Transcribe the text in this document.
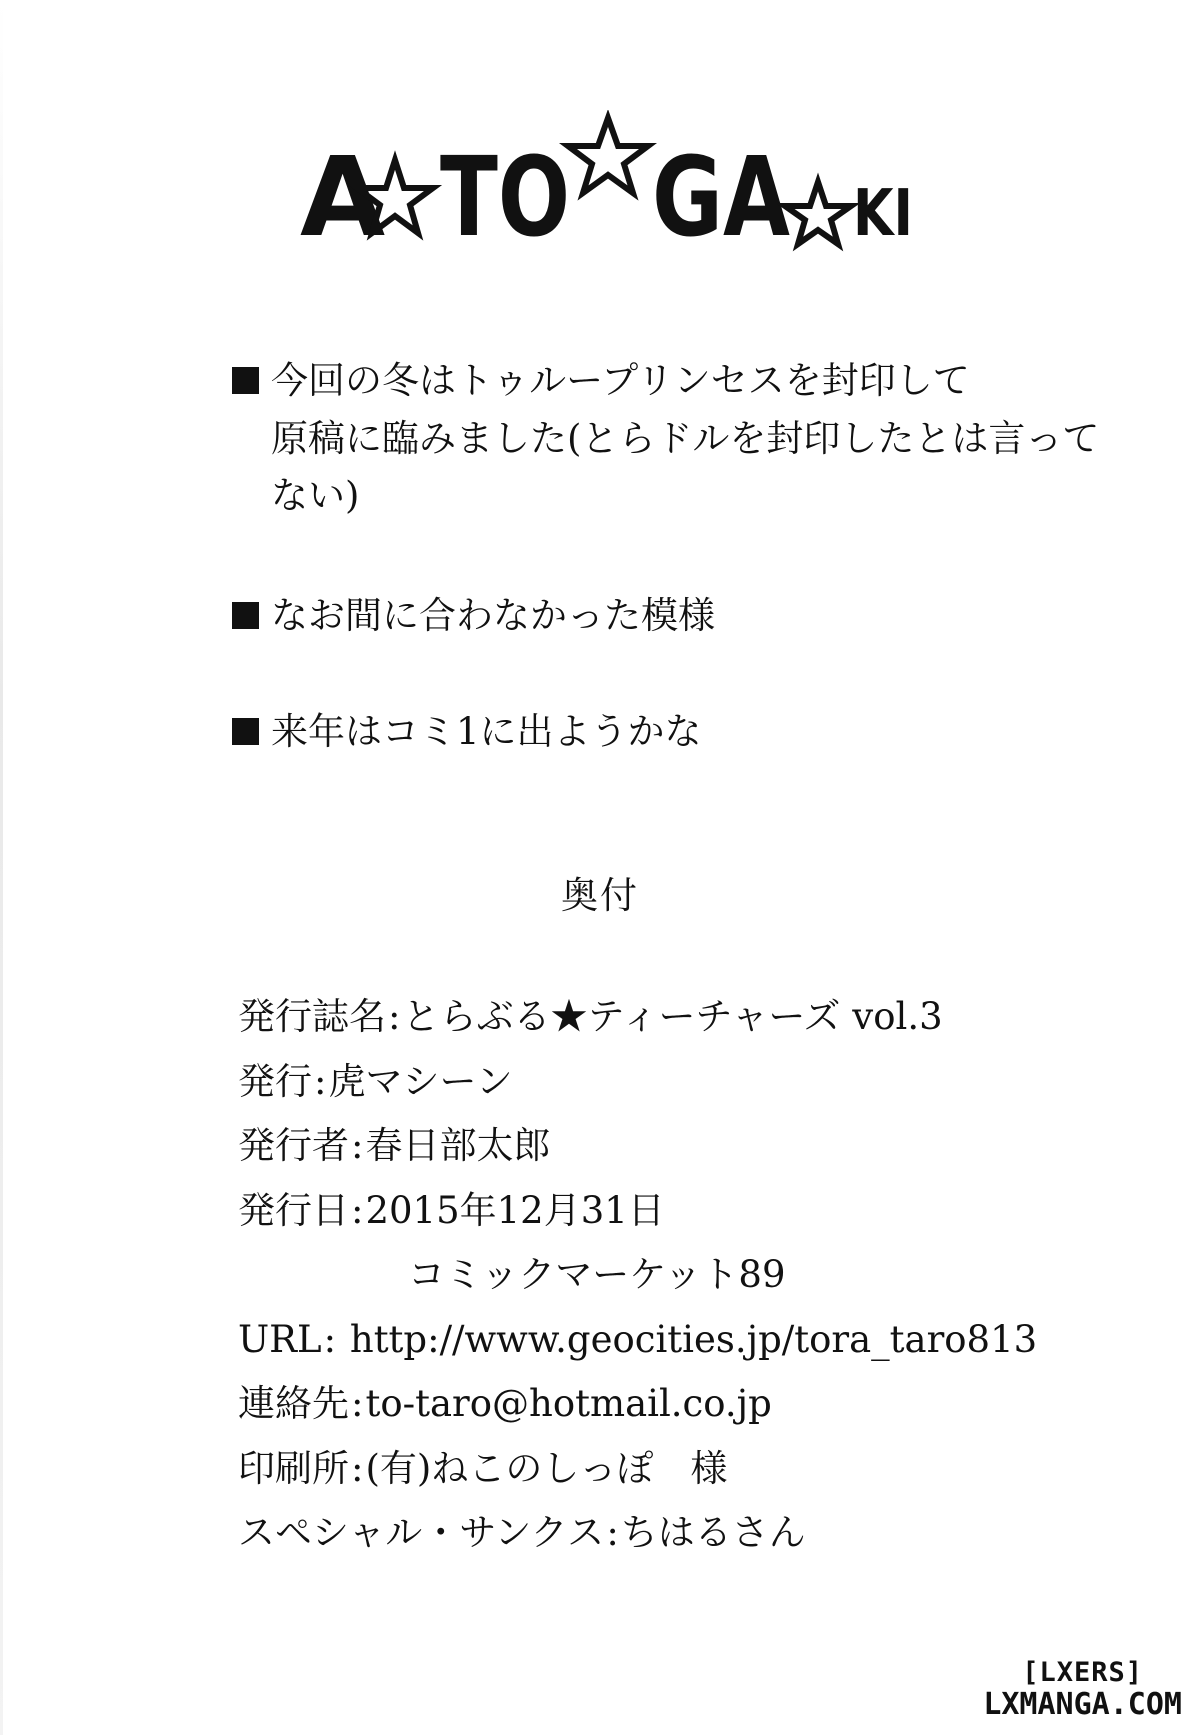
A TO GA KI
今回の冬はトゥループリンセスを封印して
原稿に臨みました(とらドルを封印したとは言ってない)
なお間に合わなかった模様
来年はコミ1に出ようかな
奥付
発行誌名:とらぶる★ティーチャーズ vol.3
発行:虎マシーン
発行者:春日部太郎
発行日:2015年12月31日
コミックマーケット89
URL: http://www.geocities.jp/tora_taro813
連絡先:to-taro@hotmail.co.jp
印刷所:(有)ねこのしっぽ　様
スペシャル・サンクス:ちはるさん
[LXERS]
LXMANGA.COM
